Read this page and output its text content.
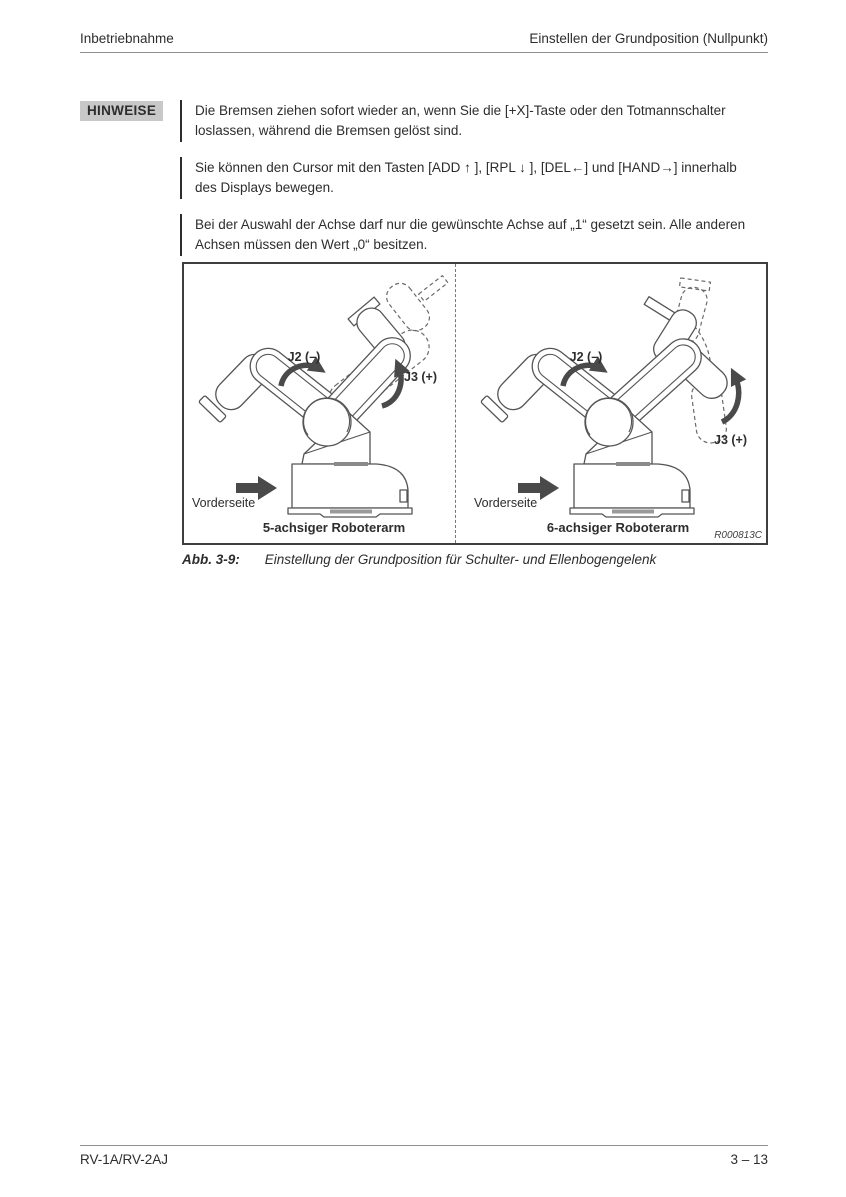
Inbetriebnahme	Einstellen der Grundposition (Nullpunkt)
HINWEISE	Die Bremsen ziehen sofort wieder an, wenn Sie die [+X]-Taste oder den Totmannschalter

loslassen, während die Bremsen gelöst sind.

Sie können den Cursor mit den Tasten [ADD ↑ ], [RPL ↓ ], [DEL←] und [HAND→] innerhalb

des Displays bewegen.

Bei der Auswahl der Achse darf nur die gewünschte Achse auf „1“ gesetzt sein. Alle anderen

Achsen müssen den Wert „0“ besitzen.

J2 (–)
J3 (+)
Vorderseite
5-achsiger Roboterarm
J2 (–)
J3 (+)
Vorderseite
6-achsiger Roboterarm
R000813C
Abb. 3-9: Einstellung der Grundposition für Schulter- und Ellenbogengelenk
RV-1A/RV-2AJ	3 – 13
